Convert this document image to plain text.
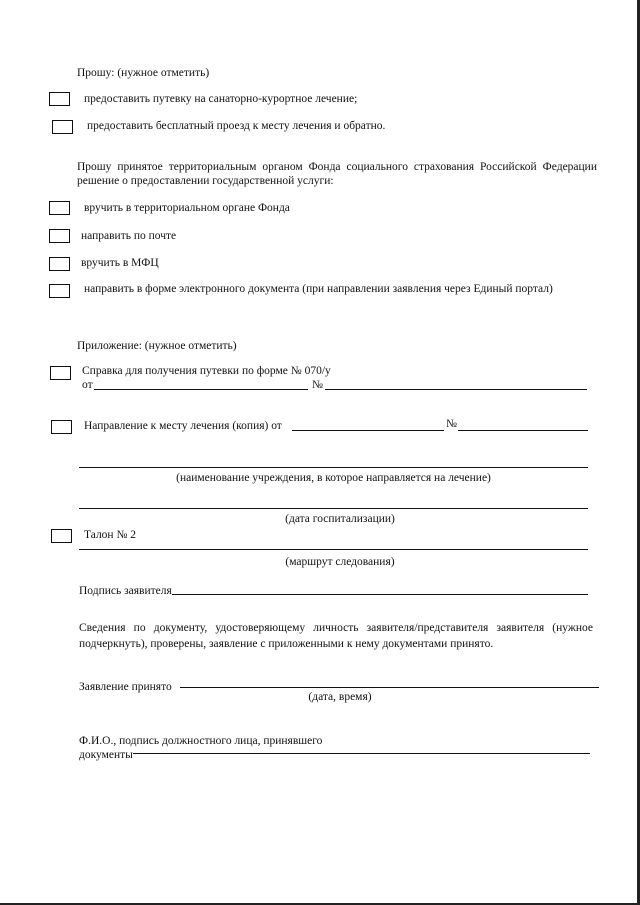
Прошу: (нужное отметить)
предоставить путевку на санаторно-курортное лечение;
предоставить бесплатный проезд к месту лечения и обратно.
Прошу принятое территориальным органом Фонда социального страхования Российской Федерации
решение о предоставлении государственной услуги:
вручить в территориальном органе Фонда
направить по почте
вручить в МФЦ
направить в форме электронного документа (при направлении заявления через Единый портал)
Приложение: (нужное отметить)
Справка для получения путевки по форме № 070/у
от	№
Направление к месту лечения (копия) от	№
(наименование учреждения, в которое направляется на лечение)
(дата госпитализации)
Талон № 2
(маршрут следования)
Подпись заявителя
Сведения по документу, удостоверяющему личность заявителя/представителя заявителя (нужное подчеркнуть), проверены, заявление с приложенными к нему документами принято.
Заявление принято
(дата, время)
Ф.И.О., подпись должностного лица, принявшего
документы
